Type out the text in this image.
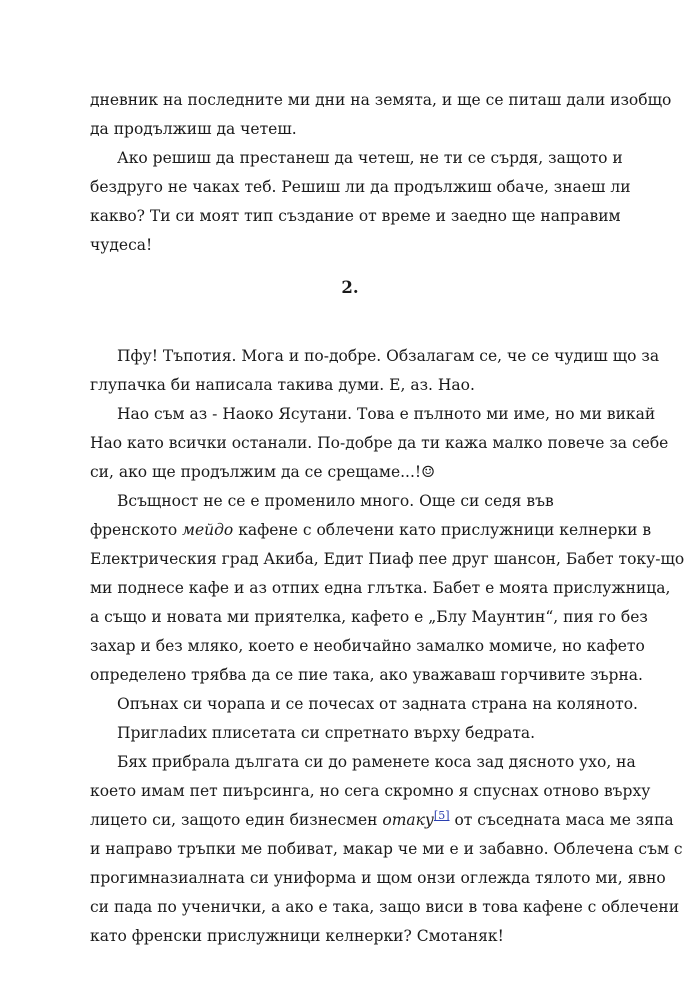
дневник на последните ми дни на земята, и ще се питаш дали изобщо
да продължиш да четеш.
Ако решиш да престанеш да четеш, не ти се сърдя, защото и
бездруго не чаках теб. Решиш ли да продължиш обаче, знаеш ли
какво? Ти си моят тип създание от време и заедно ще направим
чудеса!
2.
Пфу! Тъпотия. Мога и по-добре. Обзалагам се, че се чудиш що за
глупачка би написала такива думи. Е, аз. Нао.
Нао съм аз - Наоко Ясутани. Това е пълното ми име, но ми викай
Нао като всички останали. По-добре да ти кажа малко повече за себе
си, ако ще продължим да се срещаме...!☺
Всъщност не се е променило много. Още си седя във
френското мейдо кафене с облечени като прислужници келнерки в
Електрическия град Акиба, Едит Пиаф пее друг шансон, Бабет току-що
ми поднесе кафе и аз отпих една глътка. Бабет е моята прислужница,
а също и новата ми приятелка, кафето е „Блу Маунтин“, пия го без
захар и без мляко, което е необичайно замалко момиче, но кафето
определено трябва да се пие така, ако уважаваш горчивите зърна.
Опънах си чорапа и се почесах от задната страна на коляното.
Приглadих плисетата си спретнато върху бедрата.
Бях прибрала дългата си до раменете коса зад дясното ухо, на
което имам пет пиърсинга, но сега скромно я спуснах отново върху
лицето си, защото един бизнесмен отаку[5] от съседната маса ме зяпа
и направо тръпки ме побиват, макар че ми е и забавно. Облечена съм с
прогимназиалната си униформа и щом онзи оглежда тялото ми, явно
си пада по ученички, а ако е така, защо виси в това кафене с облечени
като френски прислужници келнерки? Смотаняк!
